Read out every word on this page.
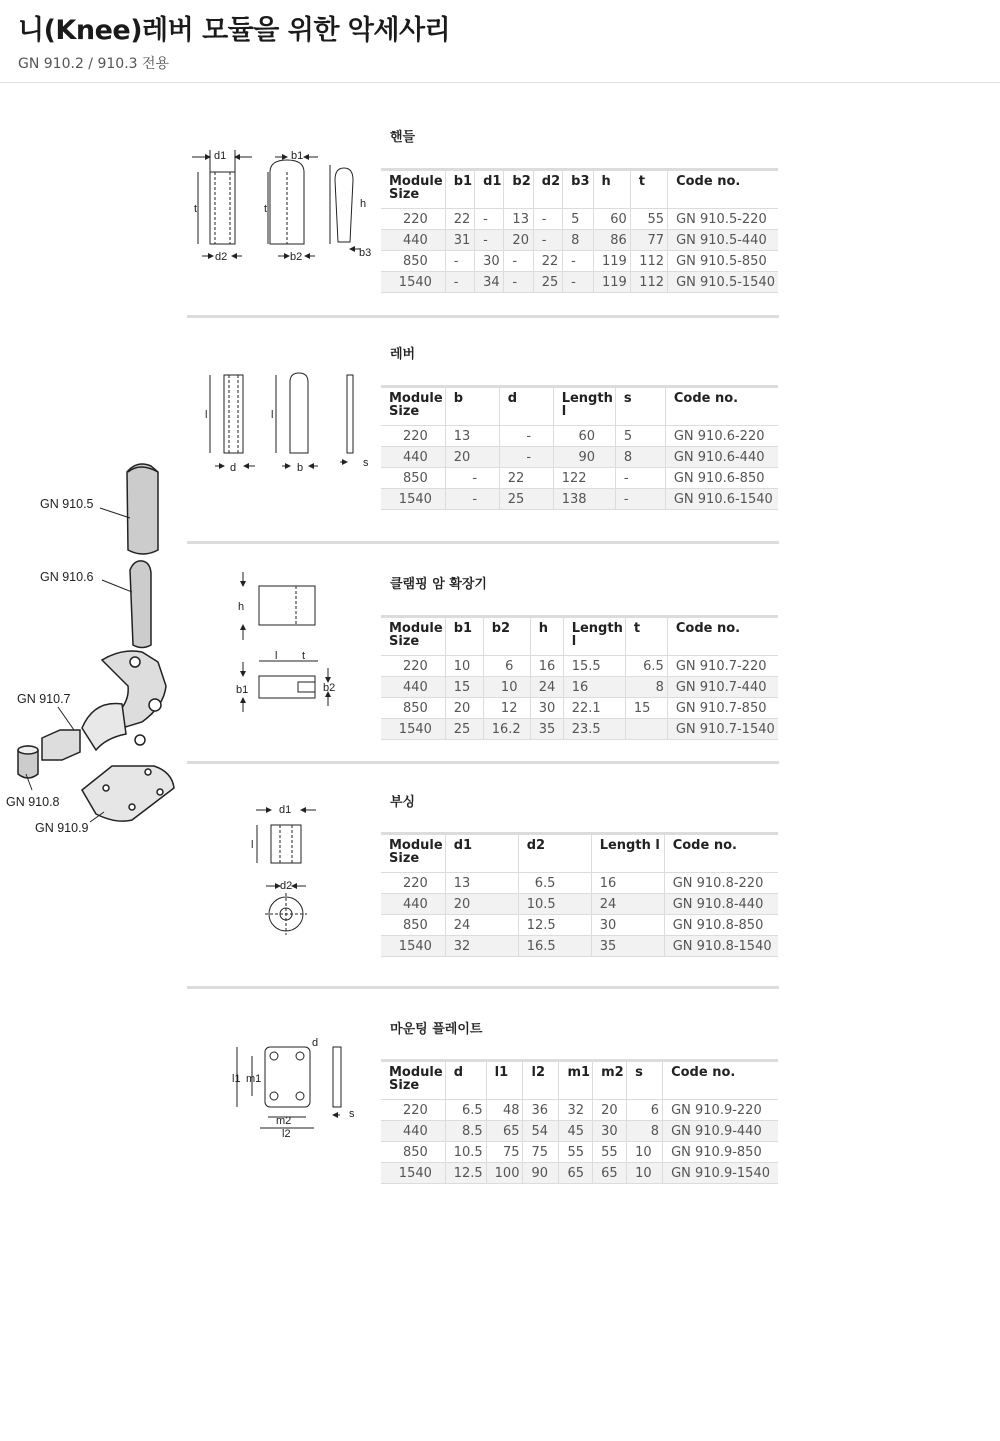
니(Knee)레버 모듈을 위한 악세사리
GN 910.2 / 910.3 전용
핸들
Module Size	b1	d1	b2	d2	b3	h	t	Code no.
220	22	-	13	-	5	60	55	GN 910.5-220
440	31	-	20	-	8	86	77	GN 910.5-440
850	-	30	-	22	-	119	112	GN 910.5-850
1540	-	34	-	25	-	119	112	GN 910.5-1540
레버
Module Size	b	d	Length l	s	Code no.
220	13	-	60	5	GN 910.6-220
440	20	-	90	8	GN 910.6-440
850	-	22	122	-	GN 910.6-850
1540	-	25	138	-	GN 910.6-1540
클램핑 암 확장기
Module Size	b1	b2	h	Length l	t	Code no.
220	10	6	16	15.5	6.5	GN 910.7-220
440	15	10	24	16	8	GN 910.7-440
850	20	12	30	22.1	15	GN 910.7-850
1540	25	16.2	35	23.5		GN 910.7-1540
부싱
Module Size	d1	d2	Length l	Code no.
220	13	6.5	16	GN 910.8-220
440	20	10.5	24	GN 910.8-440
850	24	12.5	30	GN 910.8-850
1540	32	16.5	35	GN 910.8-1540
마운팅 플레이트
Module Size	d	l1	l2	m1	m2	s	Code no.
220	6.5	48	36	32	20	6	GN 910.9-220
440	8.5	65	54	45	30	8	GN 910.9-440
850	10.5	75	75	55	55	10	GN 910.9-850
1540	12.5	100	90	65	65	10	GN 910.9-1540
d1	b1
t	t	h
d2	b2	b3
l	l
d	b	s
h
l t
b1	b2
d1
l
d2
d
l1 m1
m2
l2
s
GN 910.5
GN 910.6
GN 910.7
GN 910.8
GN 910.9
